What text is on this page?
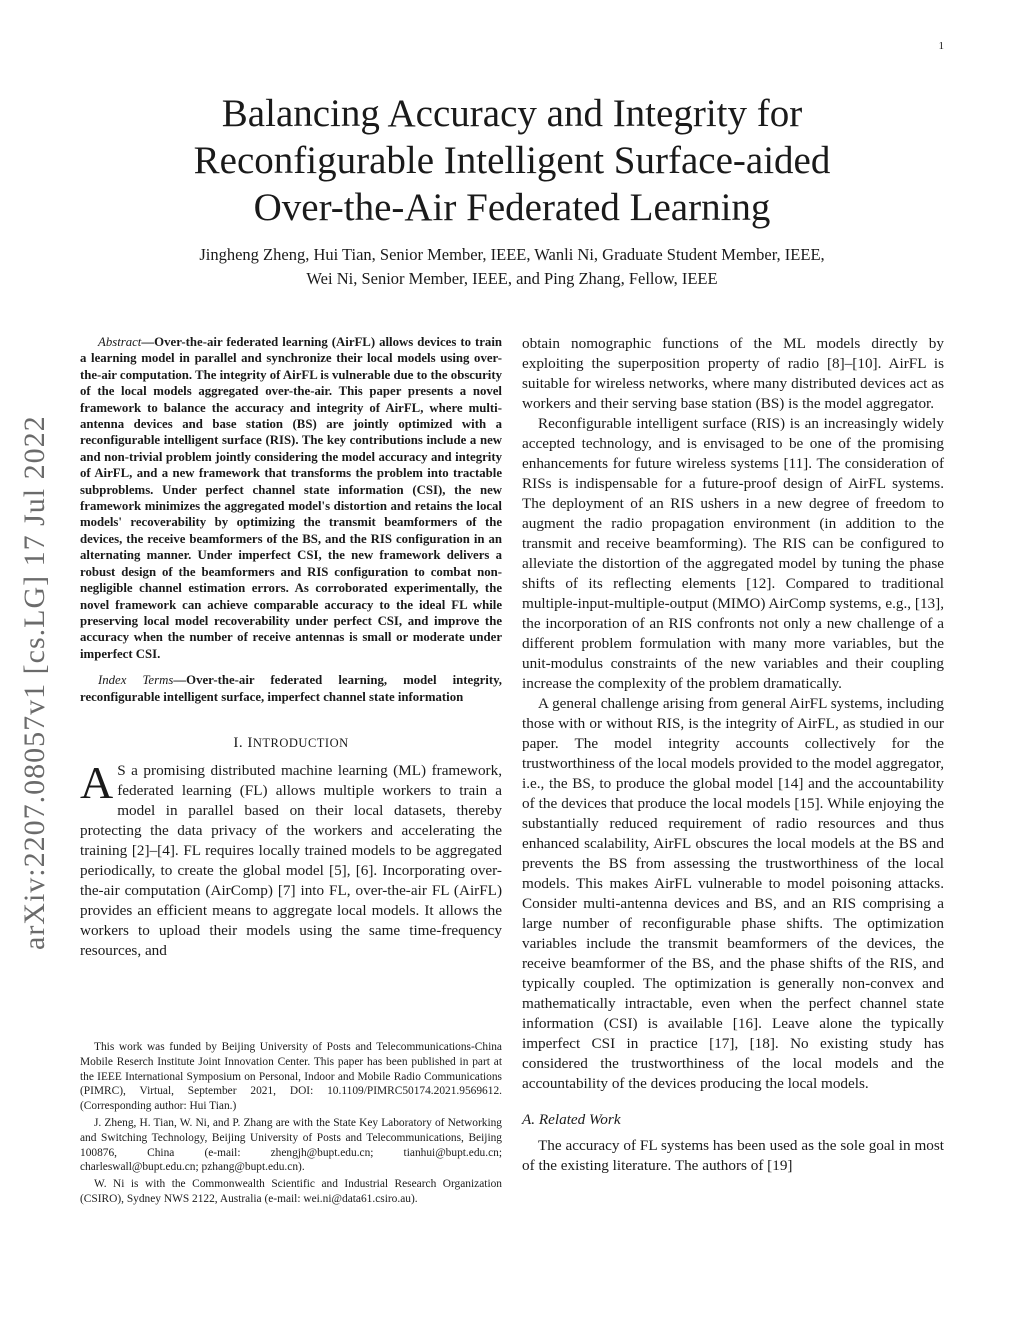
1
arXiv:2207.08057v1 [cs.LG] 17 Jul 2022
Balancing Accuracy and Integrity for
Reconfigurable Intelligent Surface-aided
Over-the-Air Federated Learning
Jingheng Zheng, Hui Tian, Senior Member, IEEE, Wanli Ni, Graduate Student Member, IEEE,
Wei Ni, Senior Member, IEEE, and Ping Zhang, Fellow, IEEE

Abstract—Over-the-air federated learning (AirFL) allows devices to train a learning model in parallel and synchronize their local models using over-the-air computation. The integrity of AirFL is vulnerable due to the obscurity of the local models aggregated over-the-air. This paper presents a novel framework to balance the accuracy and integrity of AirFL, where multi-antenna devices and base station (BS) are jointly optimized with a reconfigurable intelligent surface (RIS). The key contributions include a new and non-trivial problem jointly considering the model accuracy and integrity of AirFL, and a new framework that transforms the problem into tractable subproblems. Under perfect channel state information (CSI), the new framework minimizes the aggregated model's distortion and retains the local models' recoverability by optimizing the transmit beamformers of the devices, the receive beamformers of the BS, and the RIS configuration in an alternating manner. Under imperfect CSI, the new framework delivers a robust design of the beamformers and RIS configuration to combat non-negligible channel estimation errors. As corroborated experimentally, the novel framework can achieve comparable accuracy to the ideal FL while preserving local model recoverability under perfect CSI, and improve the accuracy when the number of receive antennas is small or moderate under imperfect CSI.

Index Terms—Over-the-air federated learning, model integrity, reconfigurable intelligent surface, imperfect channel state information

I. INTRODUCTION

A S a promising distributed machine learning (ML) framework, federated learning (FL) allows multiple workers to train a model in parallel based on their local datasets, thereby protecting the data privacy of the workers and accelerating the training [2]–[4]. FL requires locally trained models to be aggregated periodically, to create the global model [5], [6]. Incorporating over-the-air computation (AirComp) [7] into FL, over-the-air FL (AirFL) provides an efficient means to aggregate local models. It allows the workers to upload their models using the same time-frequency resources, and

This work was funded by Beijing University of Posts and Telecommunications-China Mobile Reserch Institute Joint Innovation Center. This paper has been published in part at the IEEE International Symposium on Personal, Indoor and Mobile Radio Communications (PIMRC), Virtual, September 2021, DOI: 10.1109/PIMRC50174.2021.9569612. (Corresponding author: Hui Tian.)

J. Zheng, H. Tian, W. Ni, and P. Zhang are with the State Key Laboratory of Networking and Switching Technology, Beijing University of Posts and Telecommunications, Beijing 100876, China (e-mail: zhengjh@bupt.edu.cn; tianhui@bupt.edu.cn; charleswall@bupt.edu.cn; pzhang@bupt.edu.cn).

W. Ni is with the Commonwealth Scientific and Industrial Research Organization (CSIRO), Sydney NWS 2122, Australia (e-mail: wei.ni@data61.csiro.au).

obtain nomographic functions of the ML models directly by exploiting the superposition property of radio [8]–[10]. AirFL is suitable for wireless networks, where many distributed devices act as workers and their serving base station (BS) is the model aggregator.

Reconfigurable intelligent surface (RIS) is an increasingly widely accepted technology, and is envisaged to be one of the promising enhancements for future wireless systems [11]. The consideration of RISs is indispensable for a future-proof design of AirFL systems. The deployment of an RIS ushers in a new degree of freedom to augment the radio propagation environment (in addition to the transmit and receive beamforming). The RIS can be configured to alleviate the distortion of the aggregated model by tuning the phase shifts of its reflecting elements [12]. Compared to traditional multiple-input-multiple-output (MIMO) AirComp systems, e.g., [13], the incorporation of an RIS confronts not only a new challenge of a different problem formulation with many more variables, but the unit-modulus constraints of the new variables and their coupling increase the complexity of the problem dramatically.

A general challenge arising from general AirFL systems, including those with or without RIS, is the integrity of AirFL, as studied in our paper. The model integrity accounts collectively for the trustworthiness of the local models provided to the model aggregator, i.e., the BS, to produce the global model [14] and the accountability of the devices that produce the local models [15]. While enjoying the substantially reduced requirement of radio resources and thus enhanced scalability, AirFL obscures the local models at the BS and prevents the BS from assessing the trustworthiness of the local models. This makes AirFL vulnerable to model poisoning attacks. Consider multi-antenna devices and BS, and an RIS comprising a large number of reconfigurable phase shifts. The optimization variables include the transmit beamformers of the devices, the receive beamformer of the BS, and the phase shifts of the RIS, and typically coupled. The optimization is generally non-convex and mathematically intractable, even when the perfect channel state information (CSI) is available [16]. Leave alone the typically imperfect CSI in practice [17], [18]. No existing study has considered the trustworthiness of the local models and the accountability of the devices producing the local models.

A. Related Work

The accuracy of FL systems has been used as the sole goal in most of the existing literature. The authors of [19]
